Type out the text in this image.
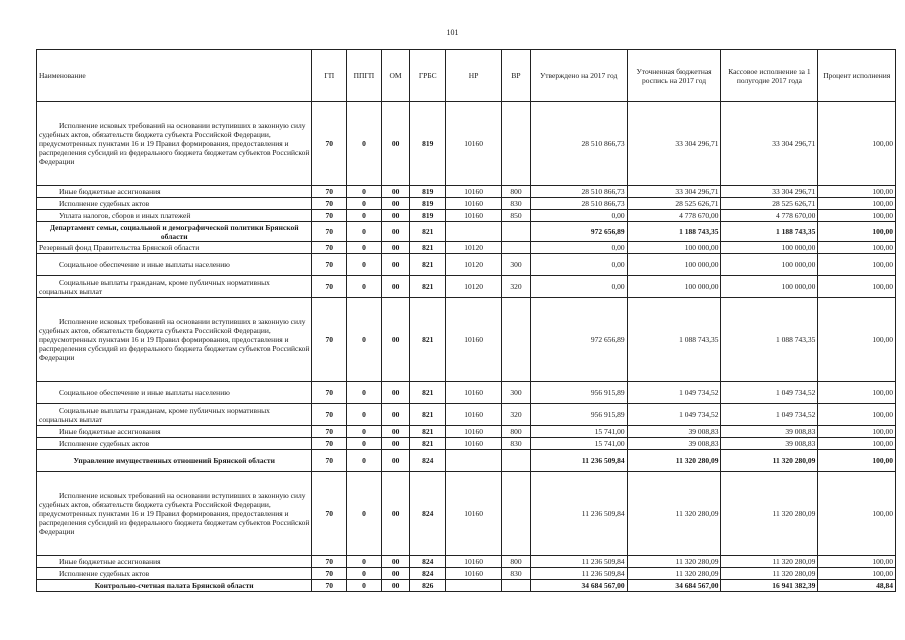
101
Наименование	ГП	ППГП	ОМ	ГРБС	НР	ВР	Утверждено на 2017 год	Уточненная бюджетная роспись на 2017 год	Кассовое исполнение за 1 полугодие 2017 года	Процент исполнения
Исполнение исковых требований на основании вступивших в законную силу судебных актов, обязательств бюджета субъекта Российской Федерации, предусмотренных пунктами 16 и 19 Правил формирования, предоставления и распределения субсидий из федерального бюджета бюджетам субъектов Российской Федерации	70	0	00	819	10160		28 510 866,73	33 304 296,71	33 304 296,71	100,00
Иные бюджетные ассигнования	70	0	00	819	10160	800	28 510 866,73	33 304 296,71	33 304 296,71	100,00
Исполнение судебных актов	70	0	00	819	10160	830	28 510 866,73	28 525 626,71	28 525 626,71	100,00
Уплата налогов, сборов и иных платежей	70	0	00	819	10160	850	0,00	4 778 670,00	4 778 670,00	100,00
Департамент семьи, социальной и демографической политики Брянской области	70	0	00	821			972 656,89	1 188 743,35	1 188 743,35	100,00
Резервный фонд Правительства Брянской области	70	0	00	821	10120		0,00	100 000,00	100 000,00	100,00
Социальное обеспечение и иные выплаты населению	70	0	00	821	10120	300	0,00	100 000,00	100 000,00	100,00
Социальные выплаты гражданам, кроме публичных нормативных социальных выплат	70	0	00	821	10120	320	0,00	100 000,00	100 000,00	100,00
Исполнение исковых требований на основании вступивших в законную силу судебных актов, обязательств бюджета субъекта Российской Федерации, предусмотренных пунктами 16 и 19 Правил формирования, предоставления и распределения субсидий из федерального бюджета бюджетам субъектов Российской Федерации	70	0	00	821	10160		972 656,89	1 088 743,35	1 088 743,35	100,00
Социальное обеспечение и иные выплаты населению	70	0	00	821	10160	300	956 915,89	1 049 734,52	1 049 734,52	100,00
Социальные выплаты гражданам, кроме публичных нормативных социальных выплат	70	0	00	821	10160	320	956 915,89	1 049 734,52	1 049 734,52	100,00
Иные бюджетные ассигнования	70	0	00	821	10160	800	15 741,00	39 008,83	39 008,83	100,00
Исполнение судебных актов	70	0	00	821	10160	830	15 741,00	39 008,83	39 008,83	100,00
Управление имущественных отношений Брянской области	70	0	00	824			11 236 509,84	11 320 280,09	11 320 280,09	100,00
Исполнение исковых требований на основании вступивших в законную силу судебных актов, обязательств бюджета субъекта Российской Федерации, предусмотренных пунктами 16 и 19 Правил формирования, предоставления и распределения субсидий из федерального бюджета бюджетам субъектов Российской Федерации	70	0	00	824	10160		11 236 509,84	11 320 280,09	11 320 280,09	100,00
Иные бюджетные ассигнования	70	0	00	824	10160	800	11 236 509,84	11 320 280,09	11 320 280,09	100,00
Исполнение судебных актов	70	0	00	824	10160	830	11 236 509,84	11 320 280,09	11 320 280,09	100,00
Контрольно-счетная палата Брянской области	70	0	00	826			34 684 567,00	34 684 567,00	16 941 382,39	48,84
